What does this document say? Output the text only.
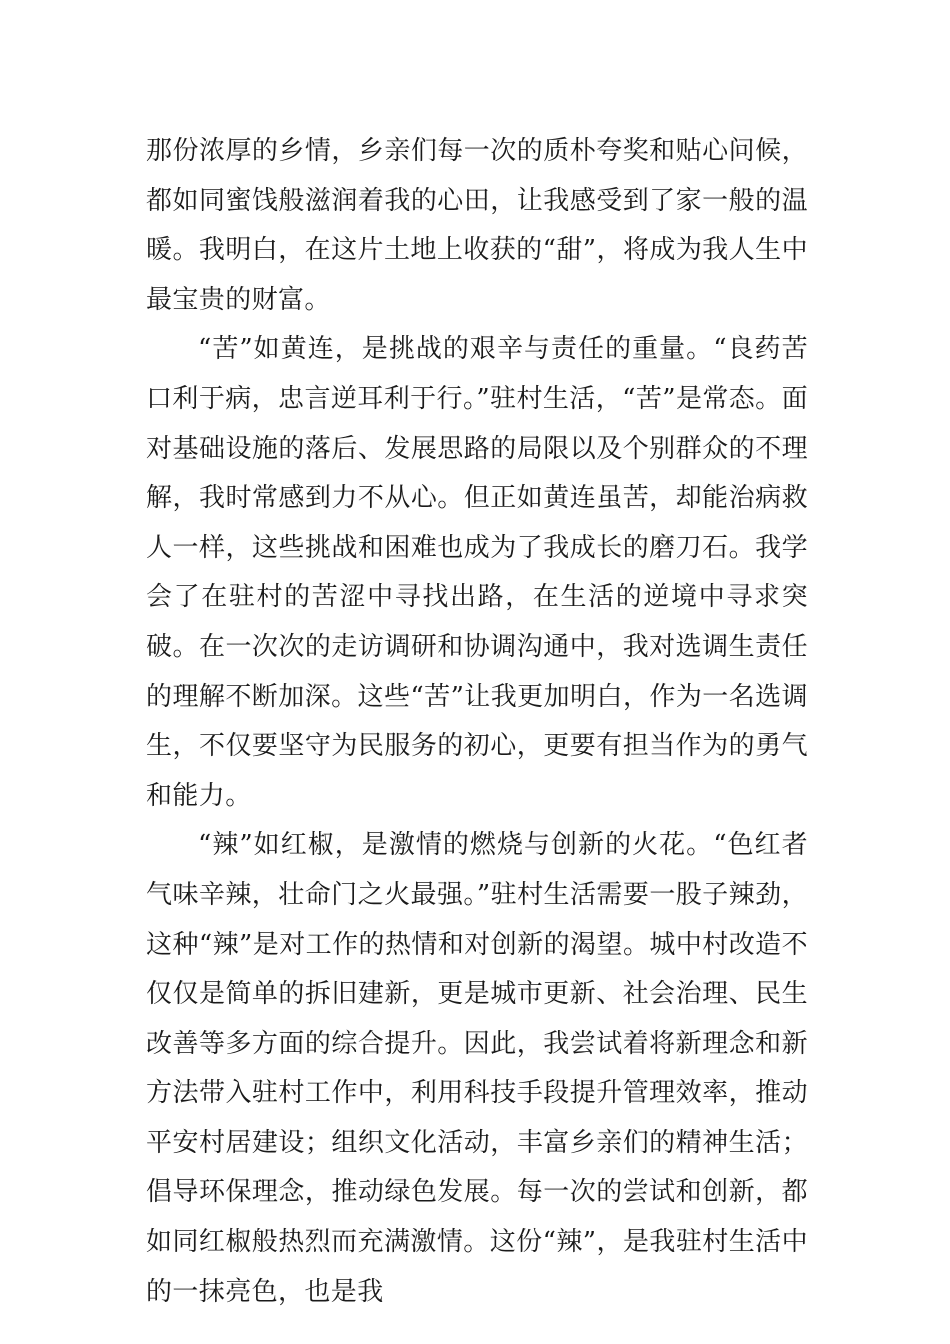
那份浓厚的乡情，乡亲们每一次的质朴夸奖和贴心问候，都如同蜜饯般滋润着我的心田，让我感受到了家一般的温暖。我明白，在这片土地上收获的“甜”，将成为我人生中最宝贵的财富。

“苦”如黄连，是挑战的艰辛与责任的重量。“良药苦口利于病，忠言逆耳利于行。”驻村生活，“苦”是常态。面对基础设施的落后、发展思路的局限以及个别群众的不理解，我时常感到力不从心。但正如黄连虽苦，却能治病救人一样，这些挑战和困难也成为了我成长的磨刀石。我学会了在驻村的苦涩中寻找出路，在生活的逆境中寻求突破。在一次次的走访调研和协调沟通中，我对选调生责任的理解不断加深。这些“苦”让我更加明白，作为一名选调生，不仅要坚守为民服务的初心，更要有担当作为的勇气和能力。

“辣”如红椒，是激情的燃烧与创新的火花。“色红者气味辛辣，壮命门之火最强。”驻村生活需要一股子辣劲，这种“辣”是对工作的热情和对创新的渴望。城中村改造不仅仅是简单的拆旧建新，更是城市更新、社会治理、民生改善等多方面的综合提升。因此，我尝试着将新理念和新方法带入驻村工作中，利用科技手段提升管理效率，推动平安村居建设；组织文化活动，丰富乡亲们的精神生活；倡导环保理念，推动绿色发展。每一次的尝试和创新，都如同红椒般热烈而充满激情。这份“辣”，是我驻村生活中的一抹亮色，也是我
